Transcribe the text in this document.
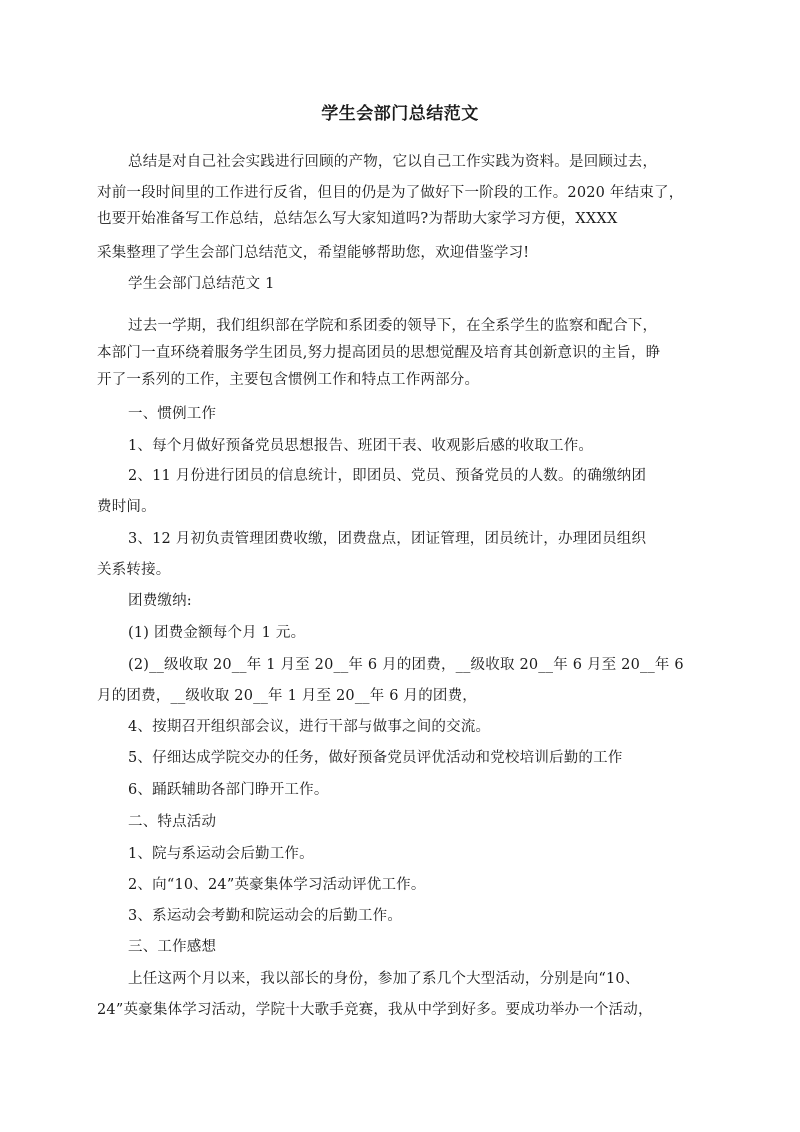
学生会部门总结范文

总结是对自己社会实践进行回顾的产物，它以自己工作实践为资料。是回顾过去，

对前一段时间里的工作进行反省，但目的仍是为了做好下一阶段的工作。2020 年结束了，

也要开始准备写工作总结，总结怎么写大家知道吗?为帮助大家学习方便，XXXX

采集整理了学生会部门总结范文，希望能够帮助您，欢迎借鉴学习!

学生会部门总结范文 1

过去一学期，我们组织部在学院和系团委的领导下，在全系学生的监察和配合下，

本部门一直环绕着服务学生团员,努力提高团员的思想觉醒及培育其创新意识的主旨，睁

开了一系列的工作，主要包含惯例工作和特点工作两部分。

一、惯例工作

1、每个月做好预备党员思想报告、班团干表、收观影后感的收取工作。

2、11 月份进行团员的信息统计，即团员、党员、预备党员的人数。的确缴纳团

费时间。

3、12 月初负责管理团费收缴，团费盘点，团证管理，团员统计，办理团员组织

关系转接。

团费缴纳:

(1) 团费金额每个月 1 元。

(2)__级收取 20__年 1 月至 20__年 6 月的团费，__级收取 20__年 6 月至 20__年 6

月的团费，__级收取 20__年 1 月至 20__年 6 月的团费，

4、按期召开组织部会议，进行干部与做事之间的交流。

5、仔细达成学院交办的任务，做好预备党员评优活动和党校培训后勤的工作

6、踊跃辅助各部门睁开工作。

二、特点活动

1、院与系运动会后勤工作。

2、向“10、24”英豪集体学习活动评优工作。

3、系运动会考勤和院运动会的后勤工作。

三、工作感想

上任这两个月以来，我以部长的身份，参加了系几个大型活动，分别是向“10、

24”英豪集体学习活动，学院十大歌手竞赛，我从中学到好多。要成功举办一个活动，
